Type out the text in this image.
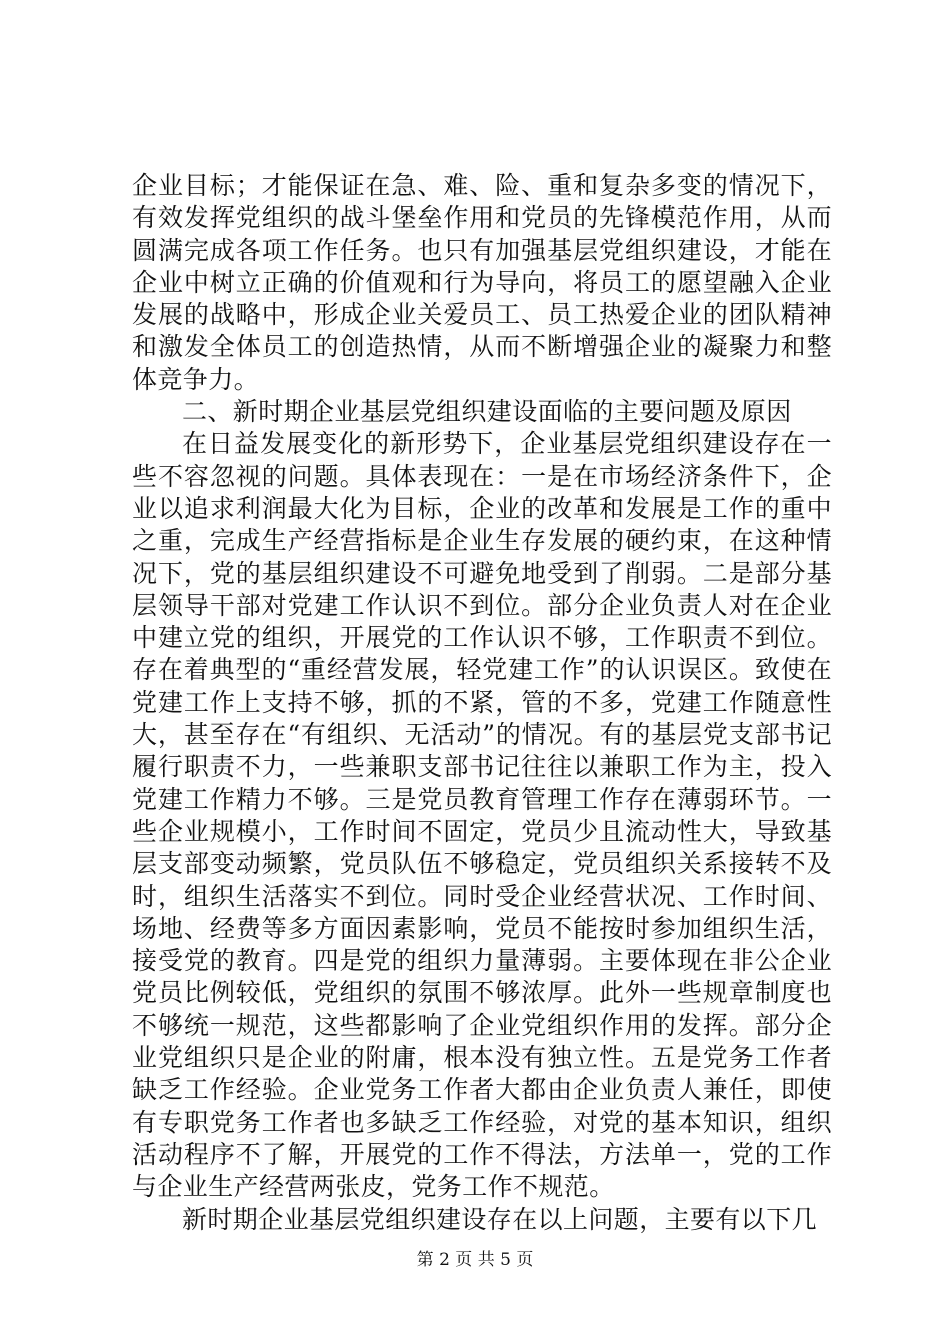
企业目标；才能保证在急、难、险、重和复杂多变的情况下，有效发挥党组织的战斗堡垒作用和党员的先锋模范作用，从而圆满完成各项工作任务。也只有加强基层党组织建设，才能在企业中树立正确的价值观和行为导向，将员工的愿望融入企业发展的战略中，形成企业关爱员工、员工热爱企业的团队精神和激发全体员工的创造热情，从而不断增强企业的凝聚力和整体竞争力。

二、新时期企业基层党组织建设面临的主要问题及原因

在日益发展变化的新形势下，企业基层党组织建设存在一些不容忽视的问题。具体表现在：一是在市场经济条件下，企业以追求利润最大化为目标，企业的改革和发展是工作的重中之重，完成生产经营指标是企业生存发展的硬约束，在这种情况下，党的基层组织建设不可避免地受到了削弱。二是部分基层领导干部对党建工作认识不到位。部分企业负责人对在企业中建立党的组织，开展党的工作认识不够，工作职责不到位。存在着典型的“重经营发展，轻党建工作”的认识误区。致使在党建工作上支持不够，抓的不紧，管的不多，党建工作随意性大，甚至存在“有组织、无活动”的情况。有的基层党支部书记履行职责不力，一些兼职支部书记往往以兼职工作为主，投入党建工作精力不够。三是党员教育管理工作存在薄弱环节。一些企业规模小，工作时间不固定，党员少且流动性大，导致基层支部变动频繁，党员队伍不够稳定，党员组织关系接转不及时，组织生活落实不到位。同时受企业经营状况、工作时间、场地、经费等多方面因素影响，党员不能按时参加组织生活，接受党的教育。四是党的组织力量薄弱。主要体现在非公企业党员比例较低，党组织的氛围不够浓厚。此外一些规章制度也不够统一规范，这些都影响了企业党组织作用的发挥。部分企业党组织只是企业的附庸，根本没有独立性。五是党务工作者缺乏工作经验。企业党务工作者大都由企业负责人兼任，即使有专职党务工作者也多缺乏工作经验，对党的基本知识，组织活动程序不了解，开展党的工作不得法，方法单一，党的工作与企业生产经营两张皮，党务工作不规范。

新时期企业基层党组织建设存在以上问题，主要有以下几

第 2 页 共 5 页
